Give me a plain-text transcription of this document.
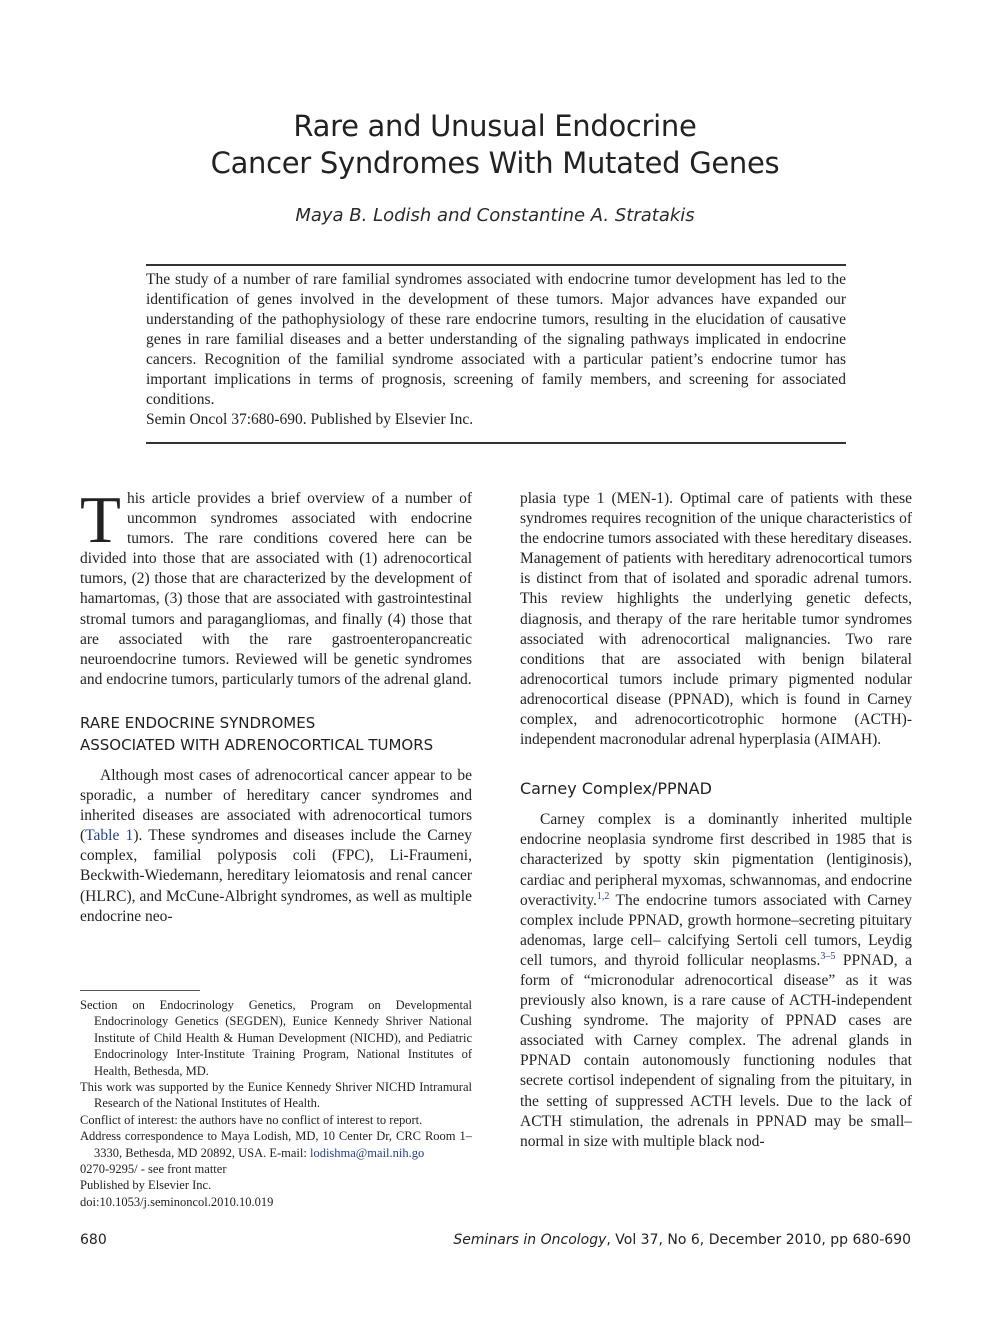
Rare and Unusual Endocrine
Cancer Syndromes With Mutated Genes
Maya B. Lodish and Constantine A. Stratakis

The study of a number of rare familial syndromes associated with endocrine tumor development has led to the identification of genes involved in the development of these tumors. Major advances have expanded our understanding of the pathophysiology of these rare endocrine tumors, resulting in the elucidation of causative genes in rare familial diseases and a better understanding of the signaling pathways implicated in endocrine cancers. Recognition of the familial syndrome associated with a particular patient’s endocrine tumor has important implications in terms of prognosis, screening of family members, and screening for associated conditions.

Semin Oncol 37:680-690. Published by Elsevier Inc.

This article provides a brief overview of a number of uncommon syndromes associated with endocrine tumors. The rare conditions covered here can be divided into those that are associated with (1) adrenocortical tumors, (2) those that are characterized by the development of hamartomas, (3) those that are associated with gastrointestinal stromal tumors and paragangliomas, and finally (4) those that are associated with the rare gastroenteropancreatic neuroendocrine tumors. Reviewed will be genetic syndromes and endocrine tumors, particularly tumors of the adrenal gland.

RARE ENDOCRINE SYNDROMES
ASSOCIATED WITH ADRENOCORTICAL TUMORS

Although most cases of adrenocortical cancer appear to be sporadic, a number of hereditary cancer syndromes and inherited diseases are associated with adrenocortical tumors (Table 1). These syndromes and diseases include the Carney complex, familial polyposis coli (FPC), Li-Fraumeni, Beckwith-Wiedemann, hereditary leiomatosis and renal cancer (HLRC), and McCune-Albright syndromes, as well as multiple endocrine neo-

plasia type 1 (MEN-1). Optimal care of patients with these syndromes requires recognition of the unique characteristics of the endocrine tumors associated with these hereditary diseases. Management of patients with hereditary adrenocortical tumors is distinct from that of isolated and sporadic adrenal tumors. This review highlights the underlying genetic defects, diagnosis, and therapy of the rare heritable tumor syndromes associated with adrenocortical malignancies. Two rare conditions that are associated with benign bilateral adrenocortical tumors include primary pigmented nodular adrenocortical disease (PPNAD), which is found in Carney complex, and adrenocorticotrophic hormone (ACTH)-independent macronodular adrenal hyperplasia (AIMAH).

Carney Complex/PPNAD

Carney complex is a dominantly inherited multiple endocrine neoplasia syndrome first described in 1985 that is characterized by spotty skin pigmentation (lentiginosis), cardiac and peripheral myxomas, schwannomas, and endocrine overactivity.$^{1,2}$ The endocrine tumors associated with Carney complex include PPNAD, growth hormone–secreting pituitary adenomas, large cell– calcifying Sertoli cell tumors, Leydig cell tumors, and thyroid follicular neoplasms.$^{3-5}$ PPNAD, a form of “micronodular adrenocortical disease” as it was previously also known, is a rare cause of ACTH-independent Cushing syndrome. The majority of PPNAD cases are associated with Carney complex. The adrenal glands in PPNAD contain autonomously functioning nodules that secrete cortisol independent of signaling from the pituitary, in the setting of suppressed ACTH levels. Due to the lack of ACTH stimulation, the adrenals in PPNAD may be small–normal in size with multiple black nod-

Section on Endocrinology Genetics, Program on Developmental Endocrinology Genetics (SEGDEN), Eunice Kennedy Shriver National Institute of Child Health & Human Development (NICHD), and Pediatric Endocrinology Inter-Institute Training Program, National Institutes of Health, Bethesda, MD.

This work was supported by the Eunice Kennedy Shriver NICHD Intramural Research of the National Institutes of Health.

Conflict of interest: the authors have no conflict of interest to report.

Address correspondence to Maya Lodish, MD, 10 Center Dr, CRC Room 1–3330, Bethesda, MD 20892, USA. E-mail: lodishma@mail.nih.go

0270-9295/ - see front matter

Published by Elsevier Inc.

doi:10.1053/j.seminoncol.2010.10.019

680	Seminars in Oncology, Vol 37, No 6, December 2010, pp 680-690
